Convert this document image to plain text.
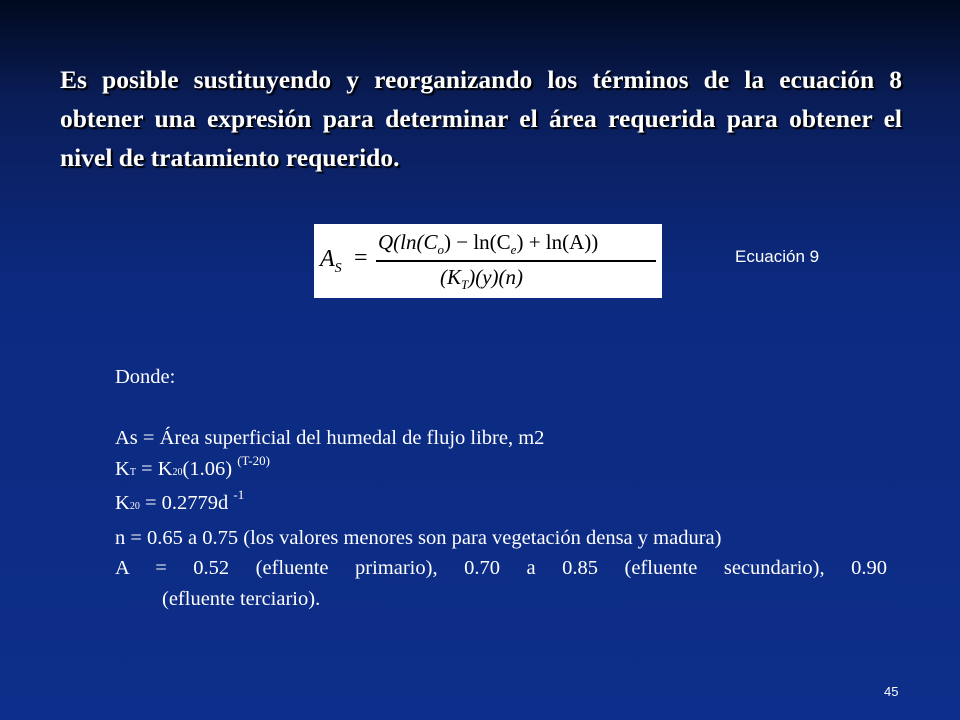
Es posible sustituyendo y reorganizando los términos de la ecuación 8 obtener una expresión para determinar el área requerida para obtener el nivel de tratamiento requerido.

$A_S$ =
$Q(\ln(C_o) - \ln(C_e) + \ln(A))$
$(K_T)(y)(n)$
Ecuación 9
Donde:
As = Área superficial del humedal de flujo libre, m2
KT = K20(1.06) $^{(T-20)}$
K20 = 0.2779d $^{-1}$
n = 0.65 a 0.75 (los valores menores son para vegetación densa y madura)
A = 0.52 (efluente primario), 0.70 a 0.85 (efluente secundario), 0.90
(efluente terciario).
45
